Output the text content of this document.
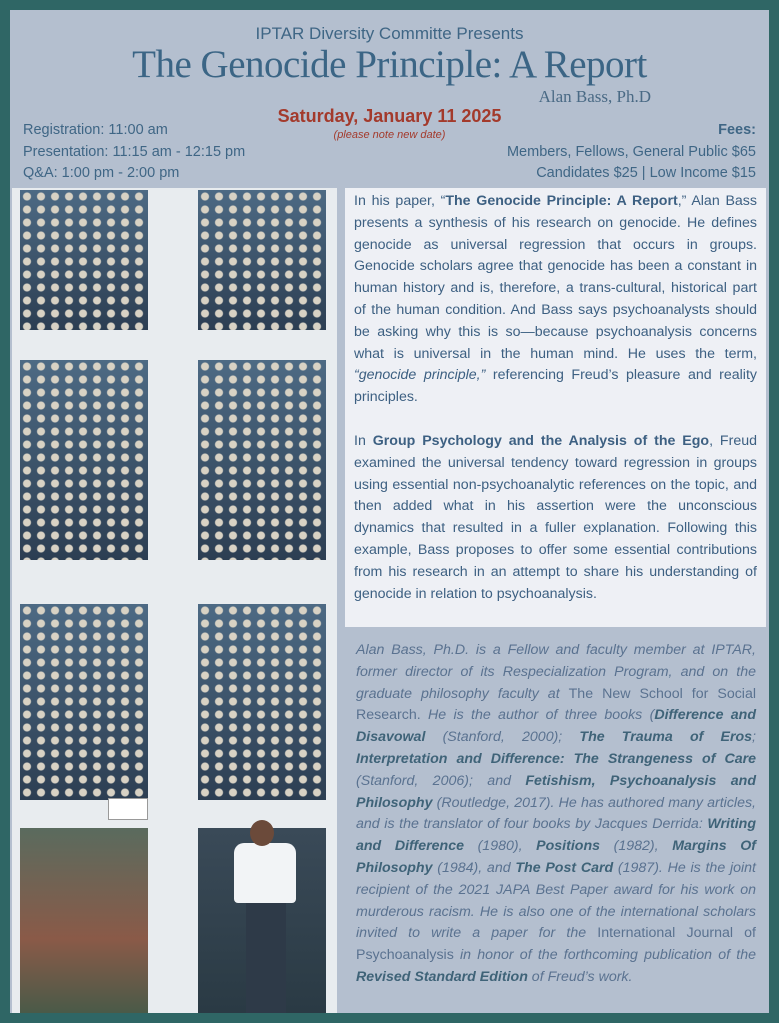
IPTAR Diversity Committe Presents
The Genocide Principle: A Report
Alan Bass, Ph.D
Saturday, January 11 2025
(please note new date)
Registration: 11:00 am
Presentation: 11:15 am - 12:15 pm
Q&A: 1:00 pm - 2:00 pm
Fees:
Members, Fellows, General Public $65
Candidates $25 | Low Income $15

In his paper, “The Genocide Principle: A Report,” Alan Bass presents a synthesis of his research on genocide. He defines genocide as universal regression that occurs in groups. Genocide scholars agree that genocide has been a constant in human history and is, therefore, a trans-cultural, historical part of the human condition. And Bass says psychoanalysts should be asking why this is so—because psychoanalysis concerns what is universal in the human mind. He uses the term, “genocide principle,” referencing Freud’s pleasure and reality principles.

In Group Psychology and the Analysis of the Ego, Freud examined the universal tendency toward regression in groups using essential non-psychoanalytic references on the topic, and then added what in his assertion were the unconscious dynamics that resulted in a fuller explanation. Following this example, Bass proposes to offer some essential contributions from his research in an attempt to share his understanding of genocide in relation to psychoanalysis.

Alan Bass, Ph.D. is a Fellow and faculty member at IPTAR, former director of its Respecialization Program, and on the graduate philosophy faculty at The New School for Social Research. He is the author of three books (Difference and Disavowal (Stanford, 2000); The Trauma of Eros; Interpretation and Difference: The Strangeness of Care (Stanford, 2006); and Fetishism, Psychoanalysis and Philosophy (Routledge, 2017). He has authored many articles, and is the translator of four books by Jacques Derrida: Writing and Difference (1980), Positions (1982), Margins Of Philosophy (1984), and The Post Card (1987). He is the joint recipient of the 2021 JAPA Best Paper award for his work on murderous racism. He is also one of the international scholars invited to write a paper for the International Journal of Psychoanalysis in honor of the forthcoming publication of the Revised Standard Edition of Freud’s work.
